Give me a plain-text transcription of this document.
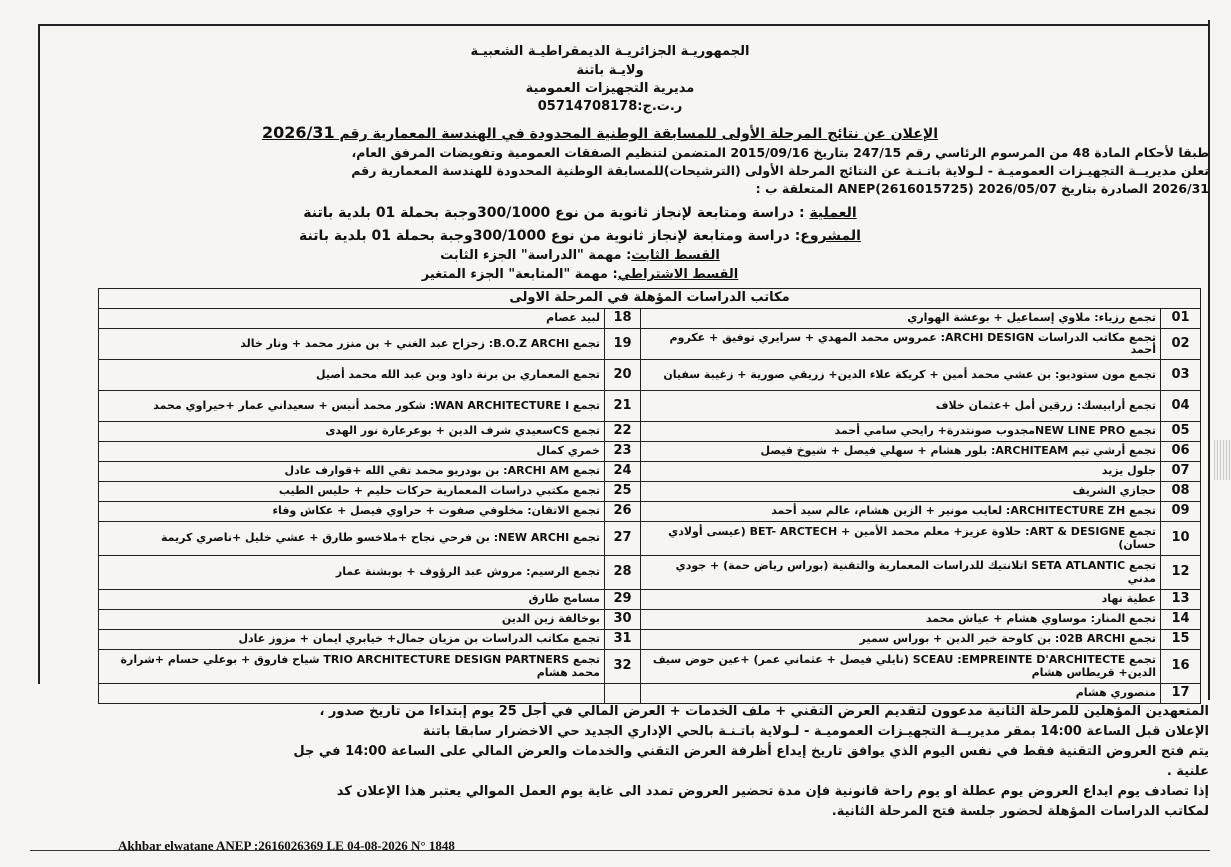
الجمهوريـة الجزائريـة الديمقراطيـة الشعبيـة
ولايـة باتنة
مديرية التجهيزات العمومية
ر.ت.ج:05714708178
الإعلان عن نتائج المرحلة الأولى للمسابقة الوطنية المحدودة في الهندسة المعمارية رقم 2026/31
طبقا لأحكام المادة 48 من المرسوم الرئاسي رقم 247/15 بتاريخ 2015/09/16 المتضمن لتنظيم الصفقات العمومية وتفويضات المرفق العام،
تعلن مديريــة التجهيـزات العموميـة - لـولاية باتـنـة عن النتائج المرحلة الأولى (الترشيحات)للمسابقة الوطنية المحدودة للهندسة المعمارية رقم
2026/31 الصادرة بتاريخ 2026/05/07 ANEP(2616015725) المتعلقة ب :
العملية : دراسة ومتابعة لإنجاز ثانوية من نوع 300/1000وجبة بحملة 01 بلدية باتنة
المشروع: دراسة ومتابعة لإنجاز ثانوية من نوع 300/1000وجبة بحملة 01 بلدية باتنة
القسط الثابت: مهمة "الدراسة" الجزء الثابت
القسط الاشتراطي: مهمة "المتابعة" الجزء المتغير
مكاتب الدراسات المؤهلة في المرحلة الاولى			
01	تجمع رزياء: ملاوي إسماعيل + بوعشة الهواري	18	لبيد عصام
02	تجمع مكاتب الدراسات ARCHI DESIGN: عمروس محمد المهدي + سرايري توفيق + عكروم أحمد	19	تجمع B.O.Z ARCHI: زحزاح عبد الغني + بن منزر محمد + ونار خالد
03	تجمع مون ستوديو: بن عشي محمد أمين + كريكة علاء الدين+ زريقي صورية + زغيبة سفيان	20	تجمع المعماري بن برنة داود وبن عبد الله محمد أصيل
04	تجمع أرابيسك: زرقين أمل +عثمان خلاف	21	تجمع WAN ARCHITECTURE I: شكور محمد أنيس + سعيداني عمار +حيراوي محمد
05	تجمع NEW LINE PROمجدوب صونتدرة+ رايحي سامي أحمد	22	تجمع CSسعيدي شرف الدين + بوعرعارة نور الهدى
06	تجمع أرشي تيم ARCHITEAM: بلور هشام + سهلي فيصل + شيوخ فيصل	23	خمري كمال
07	جلول يزيد	24	تجمع ARCHI AM: بن بودريو محمد تقي الله +قوارف عادل
08	حجازي الشريف	25	تجمع مكتبي دراسات المعمارية حركات حليم + حليس الطيب
09	تجمع ARCHITECTURE ZH: لعايب مونير + الزين هشام، عالم سيد أحمد	26	تجمع الاتقان: مخلوفي صفوت + حراوي فيصل + عكاش وفاء
10	تجمع ART & DESIGNE: حلاوة عزيز+ معلم محمد الأمين + BET- ARCTECH (عيسى أولادي حسان)	27	تجمع NEW ARCHI: بن فرحي نجاح +ملاخسو طارق + عشي خليل +ناصري كريمة
12	تجمع SETA ATLANTIC اتلانتيك للدراسات المعمارية والتقنية (بوراس رياض حمة) + جودي مدني	28	تجمع الرسيم: مروش عبد الرؤوف + بوبشنة عمار
13	عطية نهاد	29	مسامح طارق
14	تجمع المنار: موساوي هشام + عياش محمد	30	بوخالفة زين الدين
15	تجمع 02B ARCHI: بن كاوحة خير الدين + بوراس سمير	31	تجمع مكاتب الدراسات بن مزيان جمال+ خيابري ايمان + مزوز عادل
16	تجمع SCEAU :EMPREINTE D'ARCHITECTE (نايلي فيصل + عثماني عمر) +عين حوض سيف الدين+ قريطاس هشام	32	تجمع TRIO ARCHITECTURE DESIGN PARTNERS شياح فاروق + بوعلي حسام +شرارة محمد هشام
17	منصوري هشام		
المتعهدين المؤهلين للمرحلة الثانية مدعوون لتقديم العرض التقني + ملف الخدمات + العرض المالي في أجل 25 يوم إبتداءا من تاريخ صدور ،
الإعلان قبل الساعة 14:00 بمقر مديريــة التجهيـزات العموميـة - لـولاية باتـنـة بالحي الإداري الجديد حي الاخضرار سابقا باتنة
يتم فتح العروض التقنية فقط في نفس اليوم الذي يوافق تاريخ إيداع أظرفة العرض التقني والخدمات والعرض المالي على الساعة 14:00 في جل
علنية .
إذا تصادف يوم ايداع العروض يوم عطلة او يوم راحة قانونية فإن مدة تحضير العروض تمدد الى غاية يوم العمل الموالي يعتبر هذا الإعلان كد
لمكاتب الدراسات المؤهلة لحضور جلسة فتح المرحلة الثانية.
Akhbar elwatane ANEP :2616026369 LE 04-08-2026 N° 1848
